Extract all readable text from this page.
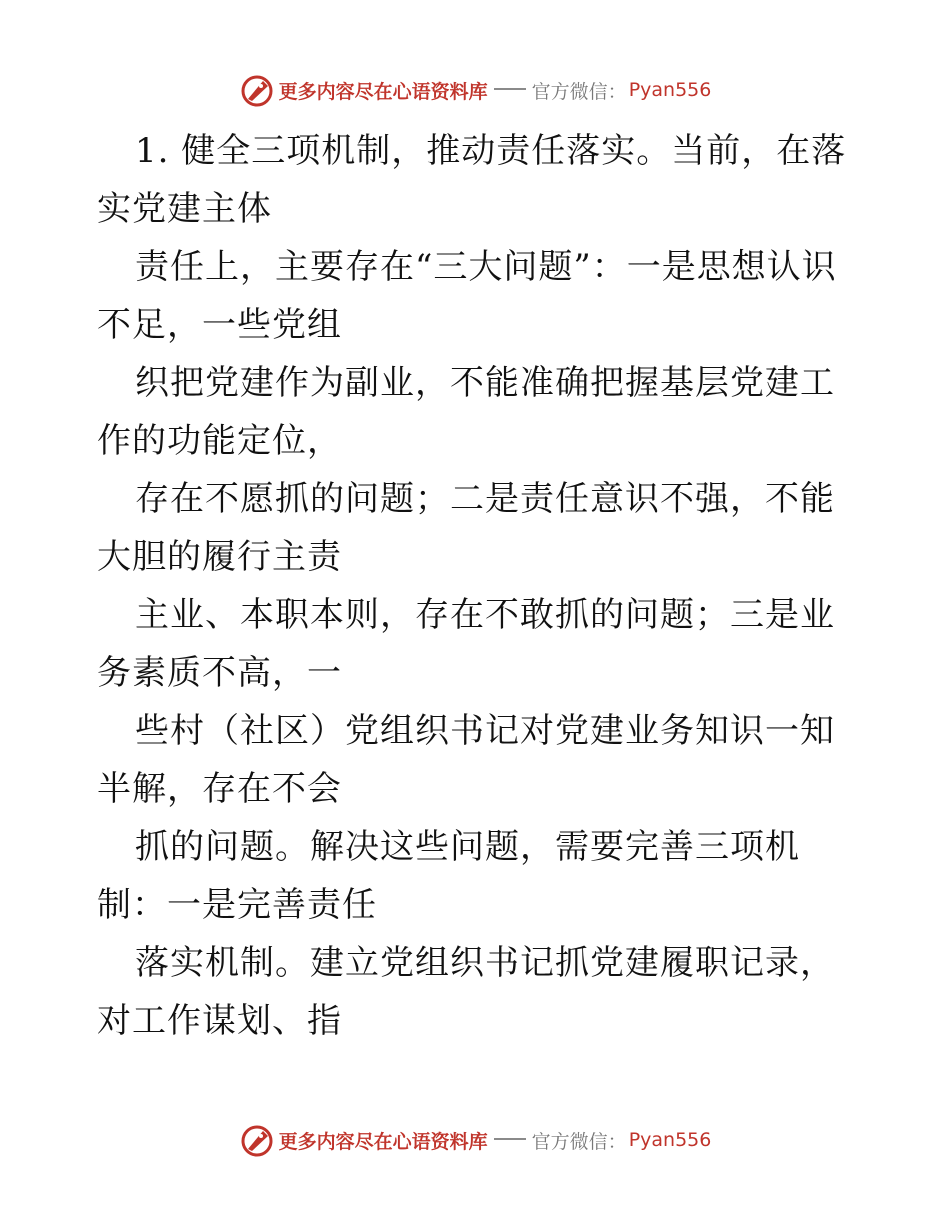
更多内容尽在心语资料库 官方微信： Pyan556

1. 健全三项机制，推动责任落实。当前，在落实党建主体

责任上，主要存在“三大问题”：一是思想认识不足，一些党组

织把党建作为副业，不能准确把握基层党建工作的功能定位，

存在不愿抓的问题；二是责任意识不强，不能大胆的履行主责

主业、本职本则，存在不敢抓的问题；三是业务素质不高，一

些村（社区）党组织书记对党建业务知识一知半解，存在不会

抓的问题。解决这些问题，需要完善三项机制：一是完善责任

落实机制。建立党组织书记抓党建履职记录，对工作谋划、指

更多内容尽在心语资料库 官方微信： Pyan556
